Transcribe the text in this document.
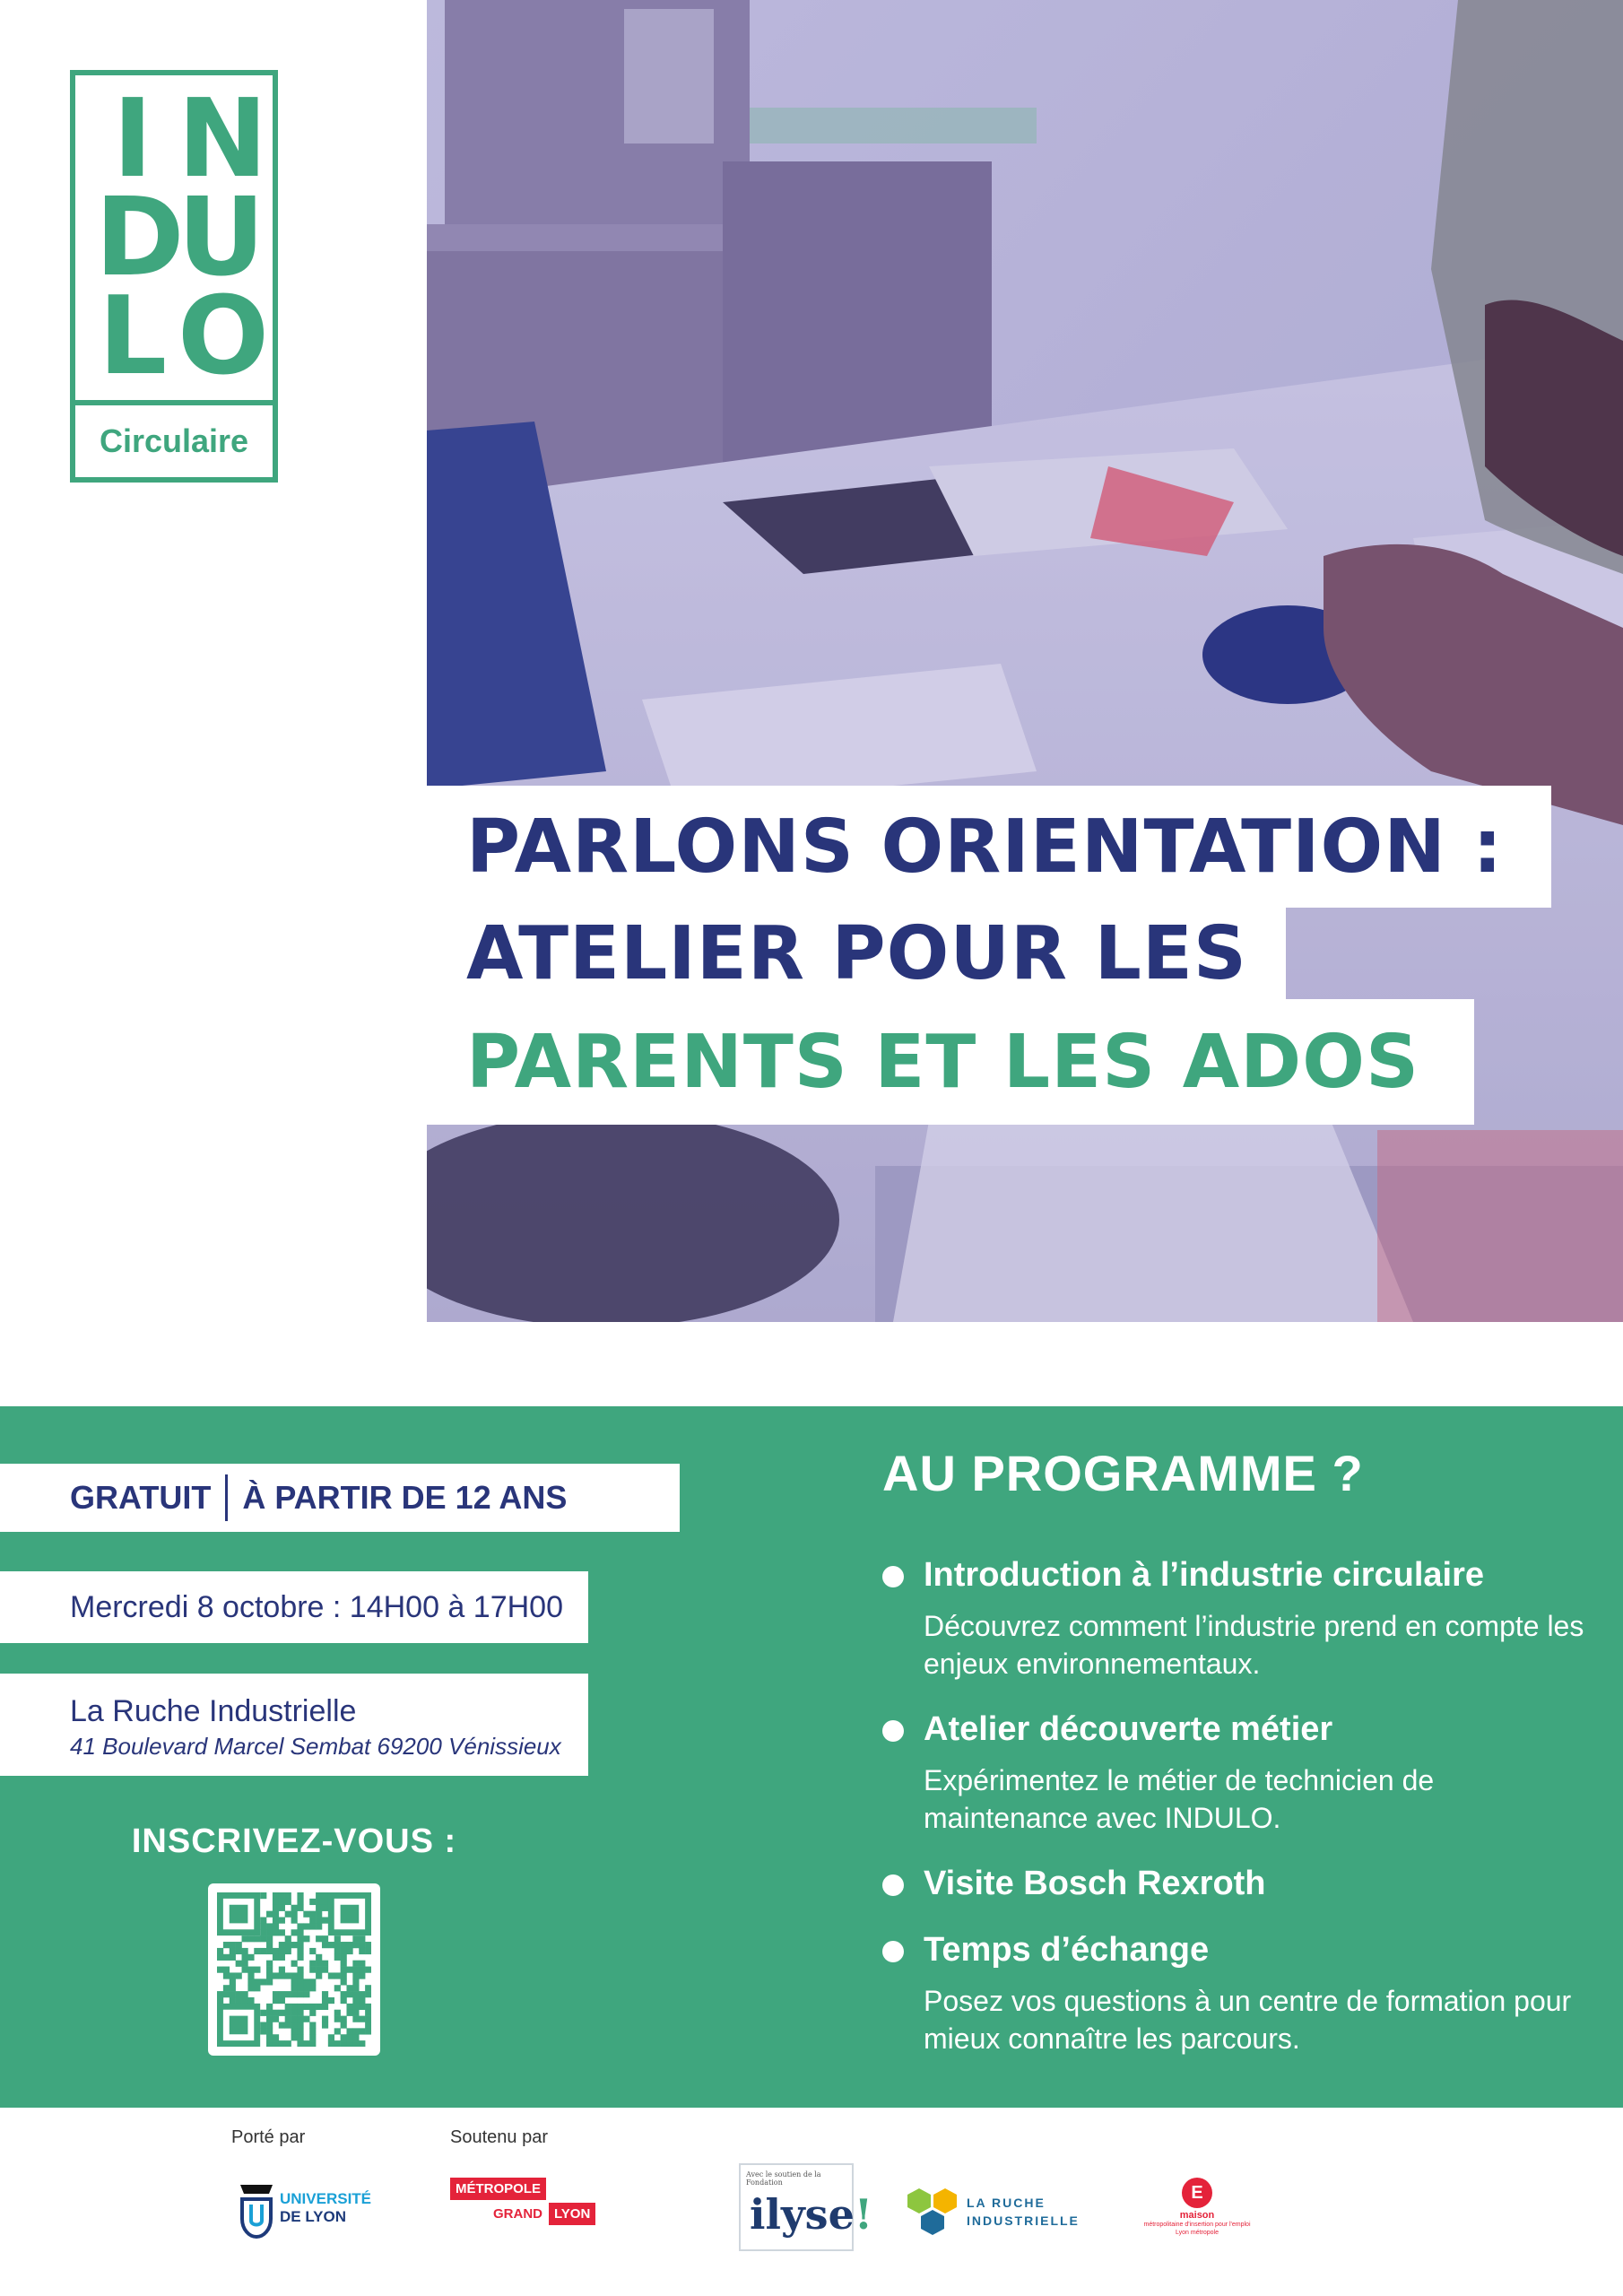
I N
D
U
L O
Circulaire
PARLONS ORIENTATION :
ATELIER POUR LES
PARENTS ET LES ADOS
GRATUIT À PARTIR DE 12 ANS
Mercredi 8 octobre : 14H00 à 17H00
La Ruche Industrielle
41 Boulevard Marcel Sembat 69200 Vénissieux
INSCRIVEZ-VOUS :
AU PROGRAMME ?
Introduction à l’industrie circulaire
Découvrez comment l’industrie prend en compte les enjeux environnementaux.
Atelier découverte métier
Expérimentez le métier de technicien de maintenance avec INDULO.
Visite Bosch Rexroth
Temps d’échange
Posez vos questions à un centre de formation pour mieux connaître les parcours.
Porté par	Soutenu par
UNIVERSITÉ
DE LYON
MÉTROPOLE
GRAND LYON
Avec le soutien de la Fondation
ilyse!	LA RUCHE
INDUSTRIELLE
E
maison
métropolitaine d'insertion pour l'emploi
Lyon métropole
